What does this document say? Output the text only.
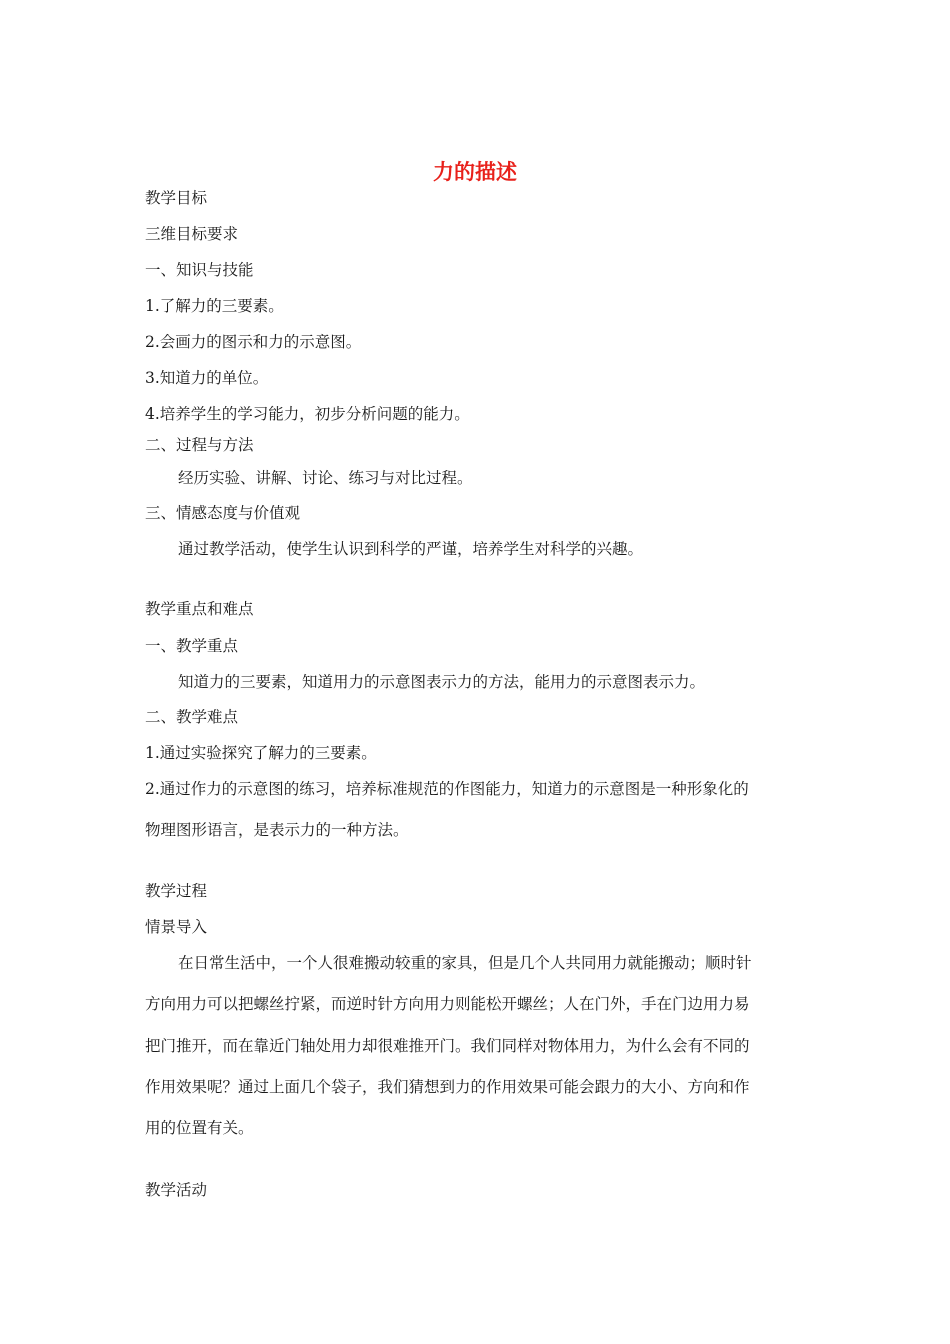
力的描述
教学目标
三维目标要求
一、知识与技能
1.了解力的三要素。
2.会画力的图示和力的示意图。
3.知道力的单位。
4.培养学生的学习能力，初步分析问题的能力。
二、过程与方法
经历实验、讲解、讨论、练习与对比过程。
三、情感态度与价值观
通过教学活动，使学生认识到科学的严谨，培养学生对科学的兴趣。
教学重点和难点
一、教学重点
知道力的三要素，知道用力的示意图表示力的方法，能用力的示意图表示力。
二、教学难点
1.通过实验探究了解力的三要素。
2.通过作力的示意图的练习，培养标准规范的作图能力，知道力的示意图是一种形象化的
物理图形语言，是表示力的一种方法。
教学过程
情景导入
在日常生活中，一个人很难搬动较重的家具，但是几个人共同用力就能搬动；顺时针
方向用力可以把螺丝拧紧，而逆时针方向用力则能松开螺丝；人在门外，手在门边用力易
把门推开，而在靠近门轴处用力却很难推开门。我们同样对物体用力，为什么会有不同的
作用效果呢？通过上面几个袋子，我们猜想到力的作用效果可能会跟力的大小、方向和作
用的位置有关。
教学活动
